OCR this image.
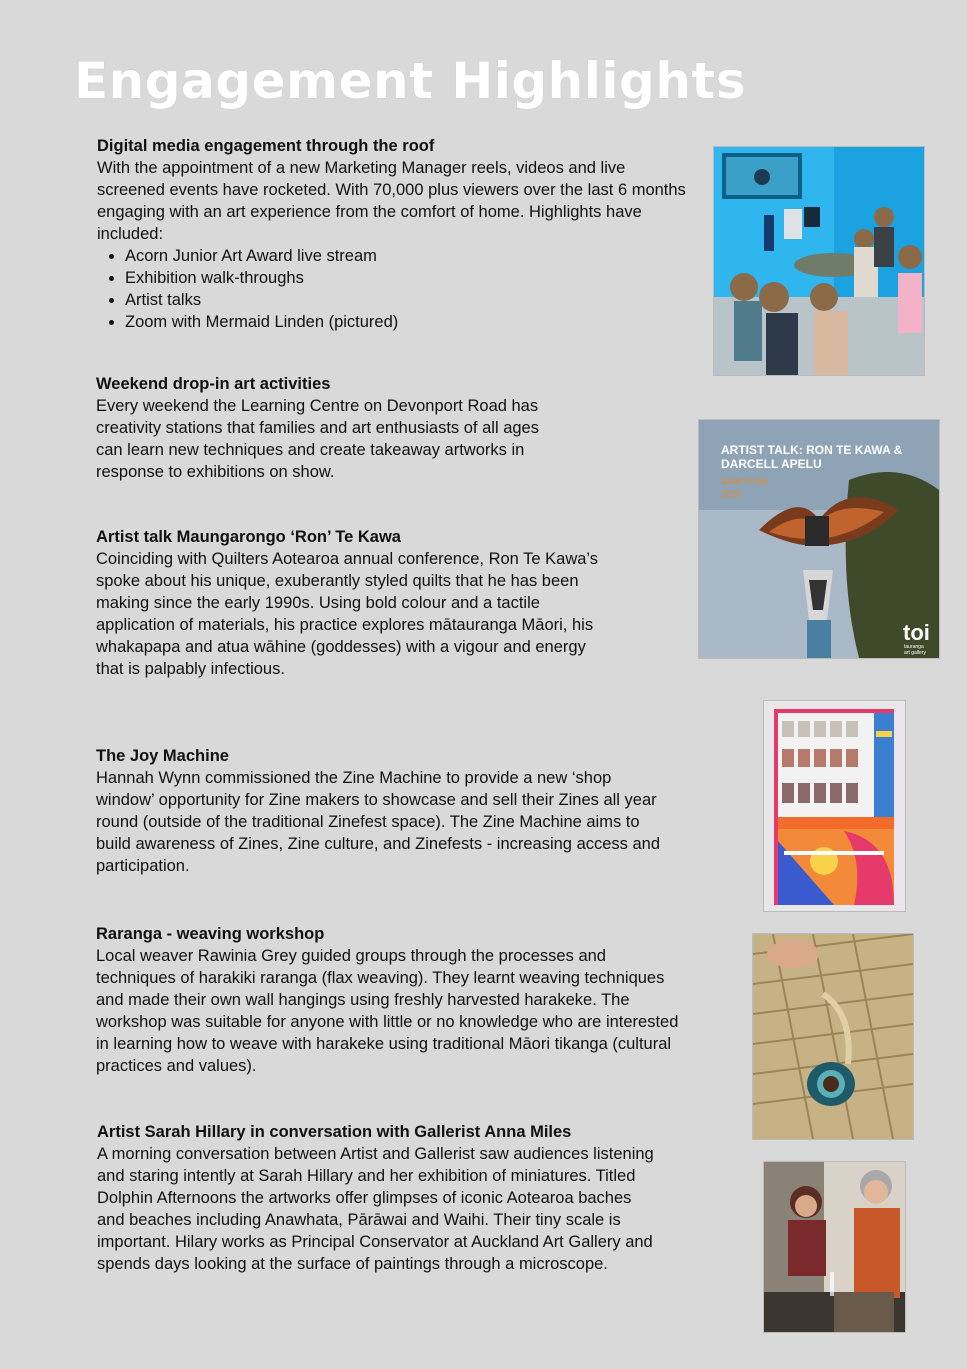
Engagement Highlights
Digital media engagement through the roof

With the appointment of a new Marketing Manager reels, videos and live screened events have rocketed. With 70,000 plus viewers over the last 6 months engaging with an art experience from the comfort of home. Highlights have included:

• Acorn Junior Art Award live stream
• Exhibition walk-throughs
• Artist talks
• Zoom with Mermaid Linden (pictured)
Weekend drop-in art activities

Every weekend the Learning Centre on Devonport Road has creativity stations that families and art enthusiasts of all ages can learn new techniques and create takeaway artworks in response to exhibitions on show.

Artist talk Maungarongo ‘Ron’ Te Kawa

Coinciding with Quilters Aotearoa annual conference, Ron Te Kawa’s spoke about his unique, exuberantly styled quilts that he has been making since the early 1990s. Using bold colour and a tactile application of materials, his practice explores mātauranga Māori, his whakapapa and atua wāhine (goddesses) with a vigour and energy that is palpably infectious.

The Joy Machine

Hannah Wynn commissioned the Zine Machine to provide a new ‘shop window’ opportunity for Zine makers to showcase and sell their Zines all year round (outside of the traditional Zinefest space). The Zine Machine aims to build awareness of Zines, Zine culture, and Zinefests - increasing access and participation.

Raranga - weaving workshop

Local weaver Rawinia Grey guided groups through the processes and techniques of harakiki raranga (flax weaving). They learnt weaving techniques and made their own wall hangings using freshly harvested harakeke. The workshop was suitable for anyone with little or no knowledge who are interested in learning how to weave with harakeke using traditional Māori tikanga (cultural practices and values).

Artist Sarah Hillary in conversation with Gallerist Anna Miles

A morning conversation between Artist and Gallerist saw audiences listening and staring intently at Sarah Hillary and her exhibition of miniatures. Titled Dolphin Afternoons the artworks offer glimpses of iconic Aotearoa baches and beaches including Anawhata, Pārāwai and Waihi. Their tiny scale is important. Hilary works as Principal Conservator at Auckland Art Gallery and spends days looking at the surface of paintings through a microscope.

ARTIST TALK: RON TE KAWA &
DARCELL APELU
11am 8 July
2023
toi
tauranga
art gallery
